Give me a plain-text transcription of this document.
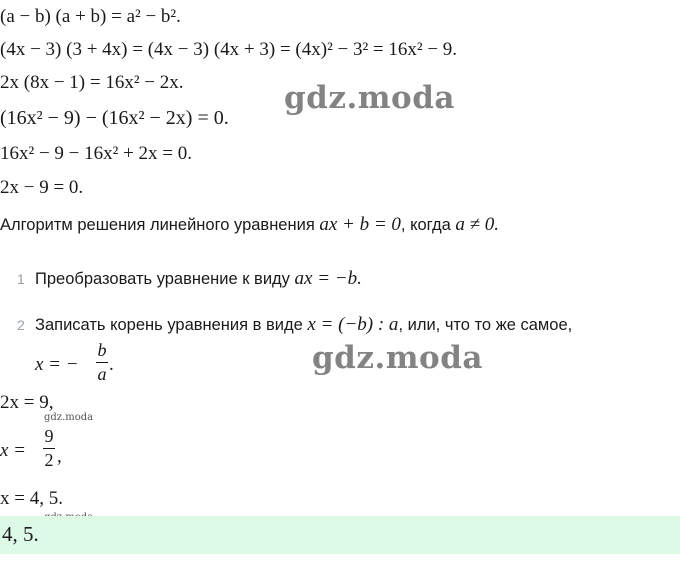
(a − b) (a + b) = a² − b².
(4x − 3) (3 + 4x) = (4x − 3) (4x + 3) = (4x)² − 3² = 16x² − 9.
2x (8x − 1) = 16x² − 2x.
(16x² − 9) − (16x² − 2x) = 0.
16x² − 9 − 16x² + 2x = 0.
2x − 9 = 0.
gdz.moda
Алгоритм решения линейного уравнения ax + b = 0, когда a ≠ 0.
1 Преобразовать уравнение к виду ax = −b.
2 Записать корень уравнения в виде x = (−b) : a, или, что то же самое,
x = −
b
a .	gdz.moda
2x = 9,
gdz.moda
x =
9
2 ,
x = 4, 5.
4, 5.
